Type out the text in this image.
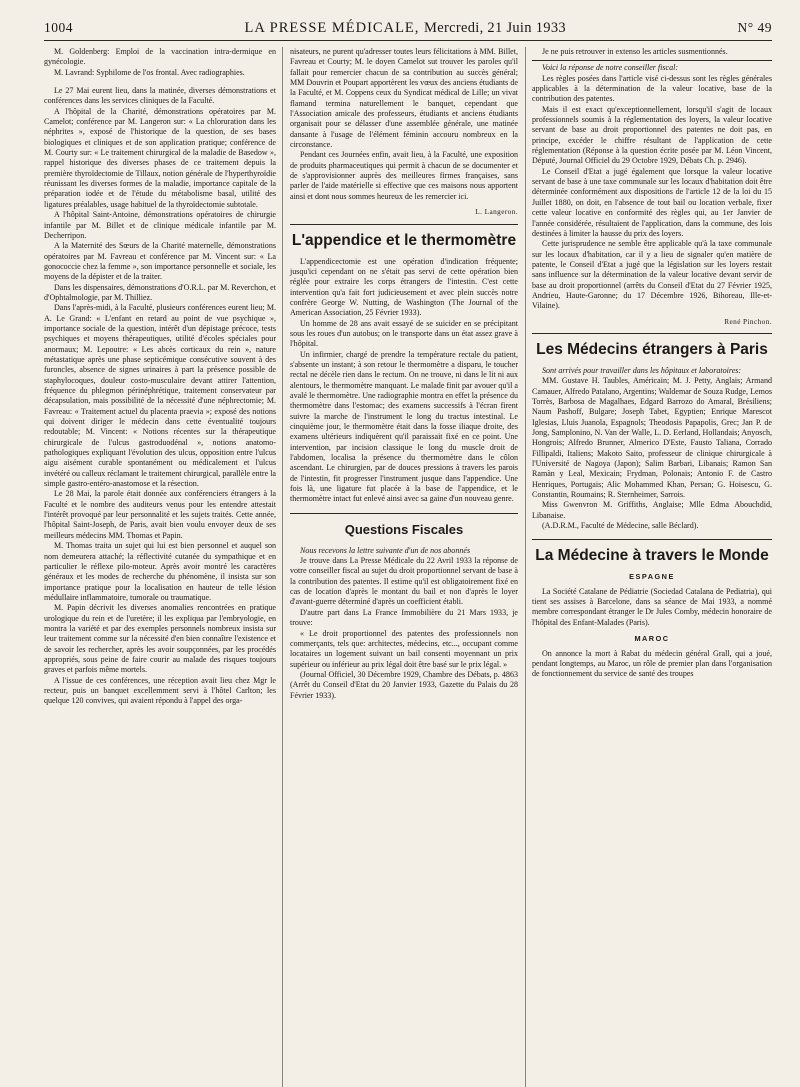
1004	LA PRESSE MÉDICALE, Mercredi, 21 Juin 1933	N° 49

M. Goldenberg: Emploi de la vaccination intra-dermique en gynécologie.

M. Lavrand: Syphilome de l'os frontal. Avec radiographies.

Le 27 Mai eurent lieu, dans la matinée, diverses démonstrations et conférences dans les services cliniques de la Faculté.

A l'hôpital de la Charité, démonstrations opératoires par M. Camelot; conférence par M. Langeron sur: « La chloruration dans les néphrites », exposé de l'historique de la question, de ses bases biologiques et cliniques et de son application pratique; conférence de M. Courty sur: « Le traitement chirurgical de la maladie de Basedow », rappel historique des diverses phases de ce traitement depuis la première thyroïdectomie de Tillaux, notion générale de l'hyperthyroïdie réunissant les diverses formes de la maladie, importance capitale de la préparation iodée et de l'étude du métabolisme basal, utilité des ligatures préalables, usage habituel de la thyroïdectomie subtotale.

A l'hôpital Saint-Antoine, démonstrations opératoires de chirurgie infantile par M. Billet et de clinique médicale infantile par M. Decherripon.

A la Maternité des Sœurs de la Charité maternelle, démonstrations opératoires par M. Favreau et conférence par M. Vincent sur: « La gonococcie chez la femme », son importance personnelle et sociale, les moyens de la dépister et de la traiter.

Dans les dispensaires, démonstrations d'O.R.L. par M. Reverchon, et d'Ophtalmologie, par M. Thilliez.

Dans l'après-midi, à la Faculté, plusieurs conférences eurent lieu; M. A. Le Grand: « L'enfant en retard au point de vue psychique », importance sociale de la question, intérêt d'un dépistage précoce, tests psychiques et moyens thérapeutiques, utilité d'écoles spéciales pour anormaux; M. Lepoutre: « Les abcès corticaux du rein », nature métastatique après une phase septicémique consécutive souvent à des furoncles, absence de signes urinaires à part la présence possible de staphylocoques, douleur costo-musculaire devant attirer l'attention, fréquence du phlegmon périnéphrétique, traitement conservateur par décapsulation, mais possibilité de la nécessité d'une néphrectomie; M. Favreau: « Traitement actuel du placenta praevia »; exposé des notions qui doivent diriger le médecin dans cette éventualité toujours redoutable; M. Vincent: « Notions récentes sur la thérapeutique chirurgicale de l'ulcus gastroduodénal », notions anatomo-pathologiques expliquant l'évolution des ulcus, opposition entre l'ulcus aigu aisément curable spontanément ou médicalement et l'ulcus invétéré ou calleux réclamant le traitement chirurgical, parallèle entre la simple gastro-entéro-anastomose et la résection.

Le 28 Mai, la parole était donnée aux conférenciers étrangers à la Faculté et le nombre des auditeurs venus pour les entendre attestait l'intérêt provoqué par leur personnalité et les sujets traités. Cette année, l'hôpital Saint-Joseph, de Paris, avait bien voulu envoyer deux de ses meilleurs médecins MM. Thomas et Papin.

M. Thomas traita un sujet qui lui est bien personnel et auquel son nom demeurera attaché; la réflectivité cutanée du sympathique et en particulier le réflexe pilo-moteur. Après avoir montré les caractères généraux et les modes de recherche du phénomène, il insista sur son importance pratique pour la localisation en hauteur de telle lésion médullaire inflammatoire, tumorale ou traumatique.

M. Papin décrivit les diverses anomalies rencontrées en pratique urologique du rein et de l'uretère; il les expliqua par l'embryologie, en montra la variété et par des exemples personnels nombreux insista sur leur traitement comme sur la nécessité d'en bien connaître l'existence et de savoir les rechercher, après les avoir soupçonnées, par les procédés appropriés, sous peine de faire courir au malade des risques toujours graves et parfois même mortels.

A l'issue de ces conférences, une réception avait lieu chez Mgr le recteur, puis un banquet excellemment servi à l'hôtel Carlton; les quelque 120 convives, qui avaient répondu à l'appel des orga-

nisateurs, ne purent qu'adresser toutes leurs félicitations à MM. Billet, Favreau et Courty; M. le doyen Camelot sut trouver les paroles qu'il fallait pour remercier chacun de sa contribution au succès général; MM Douvrin et Poupart apportèrent les vœux des anciens étudiants de la Faculté, et M. Coppens ceux du Syndicat médical de Lille; un vivat flamand termina naturellement le banquet, cependant que l'Association amicale des professeurs, étudiants et anciens étudiants organisait pour se délasser d'une assemblée générale, une matinée dansante à l'usage de l'élément féminin accouru nombreux en la circonstance.

Pendant ces Journées enfin, avait lieu, à la Faculté, une exposition de produits pharmaceutiques qui permit à chacun de se documenter et de s'approvisionner auprès des meilleures firmes françaises, sans parler de l'aide matérielle si effective que ces maisons nous apportent ainsi et dont nous sommes heureux de les remercier ici.

L. Langeron.
L'appendice et le thermomètre

L'appendicectomie est une opération d'indication fréquente; jusqu'ici cependant on ne s'était pas servi de cette opération bien réglée pour extraire les corps étrangers de l'intestin. C'est cette intervention qu'a fait fort judicieusement et avec plein succès notre confrère George W. Nutting, de Washington (The Journal of the American Association, 25 Février 1933).

Un homme de 28 ans avait essayé de se suicider en se précipitant sous les roues d'un autobus; on le transporte dans un état assez grave à l'hôpital.

Un infirmier, chargé de prendre la température rectale du patient, s'absente un instant; à son retour le thermomètre a disparu, le toucher rectal ne décèle rien dans le rectum. On ne trouve, ni dans le lit ni aux alentours, le thermomètre manquant. Le malade finit par avouer qu'il a avalé le thermomètre. Une radiographie montra en effet la présence du thermomètre dans l'estomac; des examens successifs à l'écran firent suivre la marche de l'instrument le long du tractus intestinal. Le cinquième jour, le thermomètre était dans la fosse iliaque droite, des examens ultérieurs indiquèrent qu'il paraissait fixé en ce point. Une intervention, par incision classique le long du muscle droit de l'abdomen, localisa la présence du thermomètre dans le côlon ascendant. Le chirurgien, par de douces pressions à travers les parois de l'intestin, fit progresser l'instrument jusque dans l'appendice. Une fois là, une ligature fut placée à la base de l'appendice, et le thermomètre intact fut enlevé ainsi avec sa gaine d'un nouveau genre.

Questions Fiscales

Nous recevons la lettre suivante d'un de nos abonnés

Je trouve dans La Presse Médicale du 22 Avril 1933 la réponse de votre conseiller fiscal au sujet du droit proportionnel servant de base à la contribution des patentes. Il estime qu'il est obligatoirement fixé en cas de location d'après le montant du bail et non d'après le loyer d'avant-guerre déterminé d'après un coefficient établi.

D'autre part dans La France Immobilière du 21 Mars 1933, je trouve:

« Le droit proportionnel des patentes des professionnels non commerçants, tels que: architectes, médecins, etc..., occupant comme locataires un logement suivant un bail consenti moyennant un prix supérieur ou inférieur au prix légal doit être basé sur le prix légal. »

(Journal Officiel, 30 Décembre 1929, Chambre des Débats, p. 4863 (Arrêt du Conseil d'Etat du 20 Janvier 1933, Gazette du Palais du 28 Février 1933).

Je ne puis retrouver in extenso les articles susmentionnés.

Voici la réponse de notre conseiller fiscal:

Les règles posées dans l'article visé ci-dessus sont les règles générales applicables à la détermination de la valeur locative, base de la contribution des patentes.

Mais il est exact qu'exceptionnellement, lorsqu'il s'agit de locaux professionnels soumis à la réglementation des loyers, la valeur locative servant de base au droit proportionnel des patentes ne doit pas, en principe, excéder le chiffre résultant de l'application de cette réglementation (Réponse à la question écrite posée par M. Léon Vincent, Député, Journal Officiel du 29 Octobre 1929, Débats Ch. p. 2946).

Le Conseil d'Etat a jugé également que lorsque la valeur locative servant de base à une taxe communale sur les locaux d'habitation doit être déterminée conformément aux dispositions de l'article 12 de la loi du 15 Juillet 1880, on doit, en l'absence de tout bail ou location verbale, fixer cette valeur locative en conformité des règles qui, au 1er Janvier de l'année considérée, résultaient de l'application, dans la commune, des lois destinées à limiter la hausse du prix des loyers.

Cette jurisprudence ne semble être applicable qu'à la taxe communale sur les locaux d'habitation, car il y a lieu de signaler qu'en matière de patente, le Conseil d'Etat a jugé que la législation sur les loyers restait sans influence sur la détermination de la valeur locative devant servir de base au droit proportionnel (arrêts du Conseil d'Etat du 27 Février 1925, Andrieu, Haute-Garonne; du 17 Décembre 1926, Bihoreau, Ille-et-Vilaine).

René Pinchon.
Les Médecins étrangers à Paris

Sont arrivés pour travailler dans les hôpitaux et laboratoires:

MM. Gustave H. Taubles, Américain; M. J. Petty, Anglais; Armand Camauer, Alfredo Patalano, Argentins; Waldemar de Souza Rudge, Lemos Torrès, Barbosa de Magalhaes, Edgard Barrozo do Amaral, Brésiliens; Naum Pashoff, Bulgare; Joseph Tabet, Egyptien; Enrique Marescot Iglesias, Lluis Juanola, Espagnols; Theodosis Papapolis, Grec; Jan P. de Jong, Samplonino, N. Van der Walle, L. D. Eerland, Hollandais; Anyosch, Hongrois; Alfredo Brunner, Almerico D'Este, Fausto Taliana, Corrado Fillipaldi, Italiens; Makoto Saito, professeur de clinique chirurgicale à l'Université de Nagoya (Japon); Salim Barbari, Libanais; Ramon San Ramàn y Leal, Mexicain; Frydman, Polonais; Antonio F. de Castro Henriques, Portugais; Alic Mohammed Khan, Persan; G. Hoisescu, G. Constantin, Roumains; R. Sternheimer, Sarrois.

Miss Gwenvron M. Griffiths, Anglaise; Mlle Edma Abouchdid, Libanaise.

(A.D.R.M., Faculté de Médecine, salle Béclard).

La Médecine à travers le Monde
ESPAGNE

La Société Catalane de Pédiatrie (Sociedad Catalana de Pediatria), qui tient ses assises à Barcelone, dans sa séance de Mai 1933, a nommé membre correspondant étranger le Dr Jules Comby, médecin honoraire de l'hôpital des Enfant-Malades (Paris).

MAROC

On annonce la mort à Rabat du médecin général Grall, qui a joué, pendant longtemps, au Maroc, un rôle de premier plan dans l'organisation de fonctionnement du service de santé des troupes
